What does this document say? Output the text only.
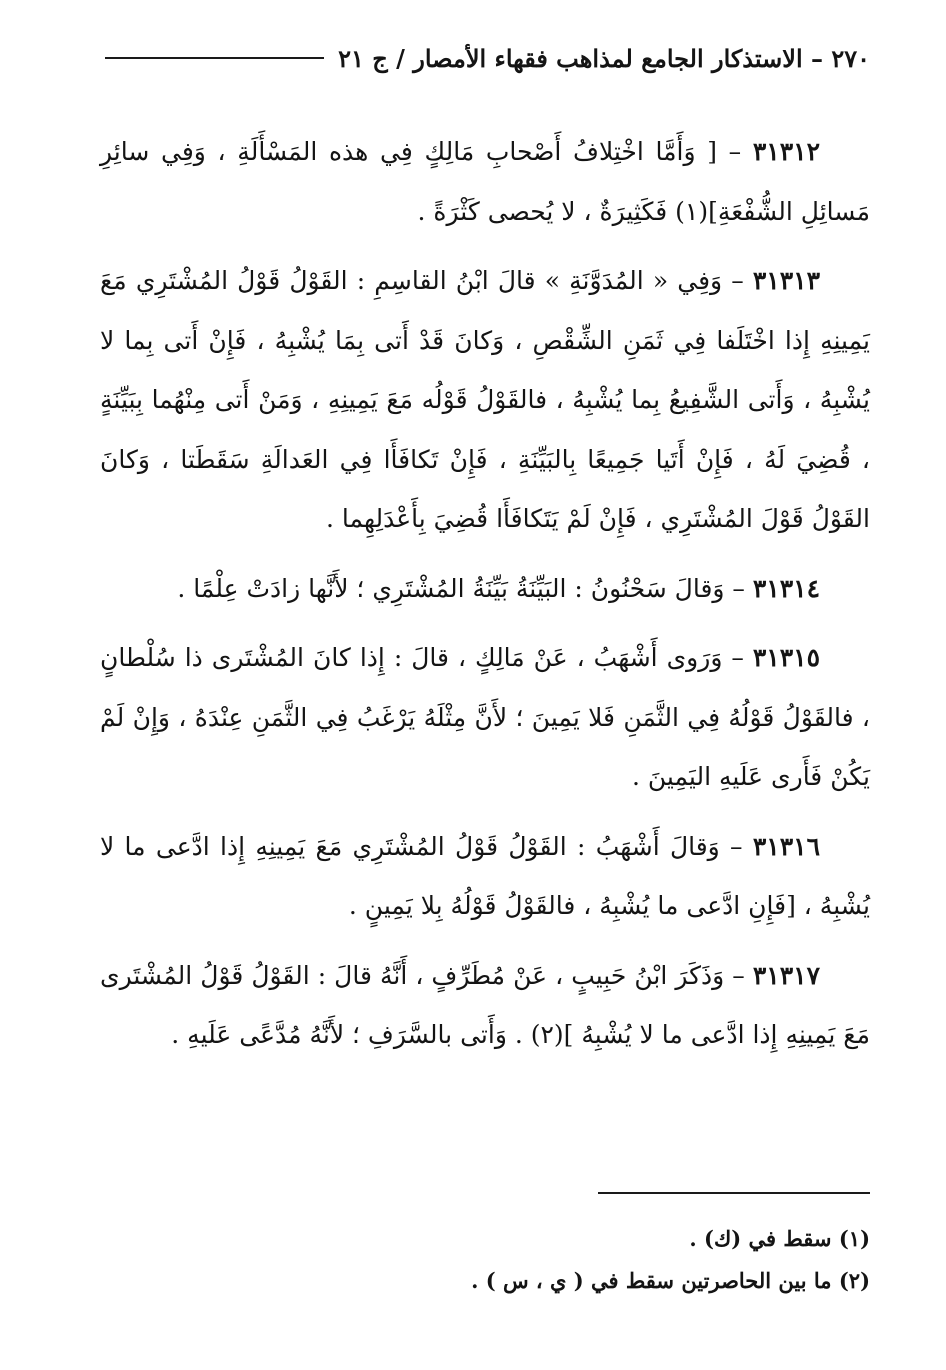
٢٧٠ – الاستذكار الجامع لمذاهب فقهاء الأمصار / ج ٢١

٣١٣١٢ – [ وَأَمَّا اخْتِلافُ أَصْحابِ مَالِكٍ فِي هذه المَسْأَلَةِ ، وَفِي سائِرِ مَسائِلِ الشُّفْعَةِ](١) فَكَثِيرَةٌ ، لا يُحصى كَثْرَةً .

٣١٣١٣ – وَفِي « المُدَوَّنَةِ » قالَ ابْنُ القاسِمِ : القَوْلُ قَوْلُ المُشْتَرِي مَعَ يَمِينِهِ إِذا اخْتَلَفا فِي ثَمَنِ الشِّقْصِ ، وَكانَ قَدْ أَتى بِمَا يُشْبِهُ ، فَإِنْ أَتى بِما لا يُشْبِهُ ، وَأَتى الشَّفِيعُ بِما يُشْبِهُ ، فالقَوْلُ قَوْلُه مَعَ يَمِينِهِ ، وَمَنْ أَتى مِنْهُما بِبَيِّنَةٍ ، قُضِيَ لَهُ ، فَإِنْ أَتَيا جَمِيعًا بِالبَيِّنَةِ ، فَإِنْ تَكافَأَا فِي العَدالَةِ سَقَطَتا ، وَكانَ القَوْلُ قَوْلَ المُشْتَرِي ، فَإِنْ لَمْ يَتَكافَأَا قُضِيَ بِأَعْدَلِهِما .

٣١٣١٤ – وَقالَ سَحْنُونُ : البَيِّنَةُ بَيِّنَةُ المُشْتَرِي ؛ لأَنَّها زادَتْ عِلْمًا .

٣١٣١٥ – وَرَوى أَشْهَبُ ، عَنْ مَالِكٍ ، قالَ : إِذا كانَ المُشْتَرى ذا سُلْطانٍ ، فالقَوْلُ قَوْلُهُ فِي الثَّمَنِ فَلا يَمِينَ ؛ لأَنَّ مِثْلَهُ يَرْغَبُ فِي الثَّمَنِ عِنْدَهُ ، وَإِنْ لَمْ يَكُنْ فَأَرى عَلَيهِ اليَمِينَ .

٣١٣١٦ – وَقالَ أَشْهَبُ : القَوْلُ قَوْلُ المُشْتَرِي مَعَ يَمِينِهِ إِذا ادَّعى ما لا يُشْبِهُ ، [فَإِنِ ادَّعى ما يُشْبِهُ ، فالقَوْلُ قَوْلُهُ بِلا يَمِينٍ .

٣١٣١٧ – وَذَكَرَ ابْنُ حَبِيبٍ ، عَنْ مُطَرِّفٍ ، أَنَّهُ قالَ : القَوْلُ قَوْلُ المُشْتَرى مَعَ يَمِينِهِ إِذا ادَّعى ما لا يُشْبِهُ ](٢) . وَأَتى بالسَّرَفِ ؛ لأَنَّهُ مُدَّعًى عَلَيهِ .

(١) سقط في (ك) .

(٢) ما بين الحاصرتين سقط في ( ي ، س ) .
